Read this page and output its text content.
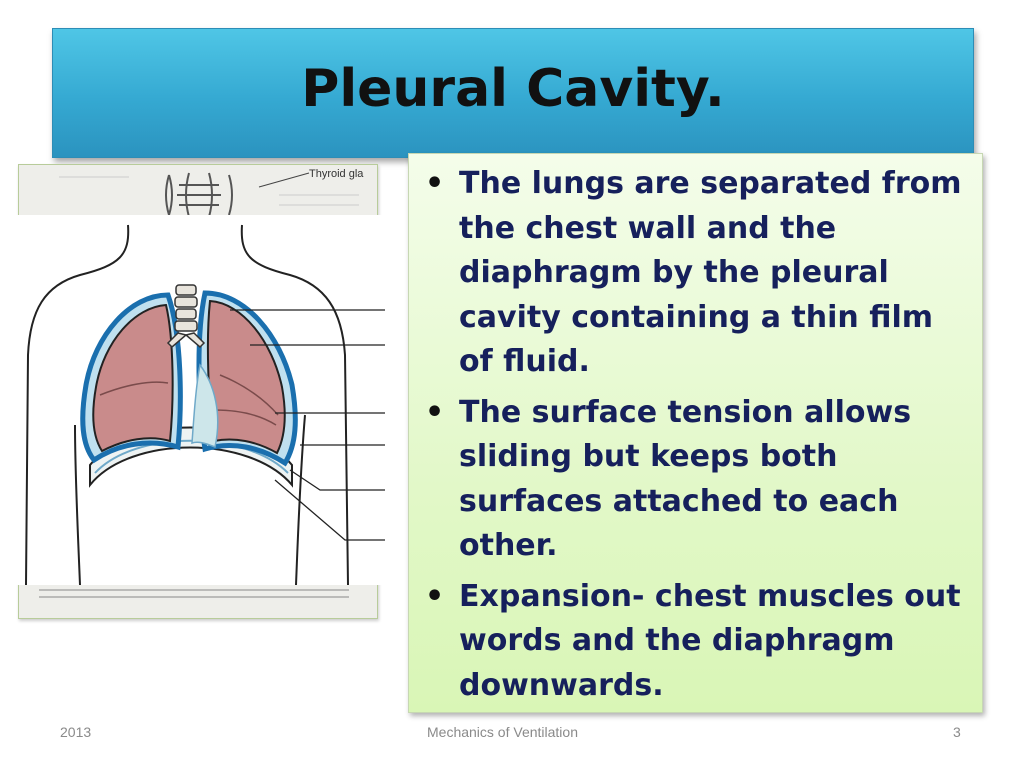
Pleural Cavity.
Thyroid gla • The lungs are separated from the chest wall and the diaphragm by the pleural cavity containing a thin film of fluid.
• The surface tension allows sliding but keeps both surfaces attached to each other.
• Expansion- chest muscles out words and the diaphragm downwards.
2013	Mechanics of Ventilation	3
